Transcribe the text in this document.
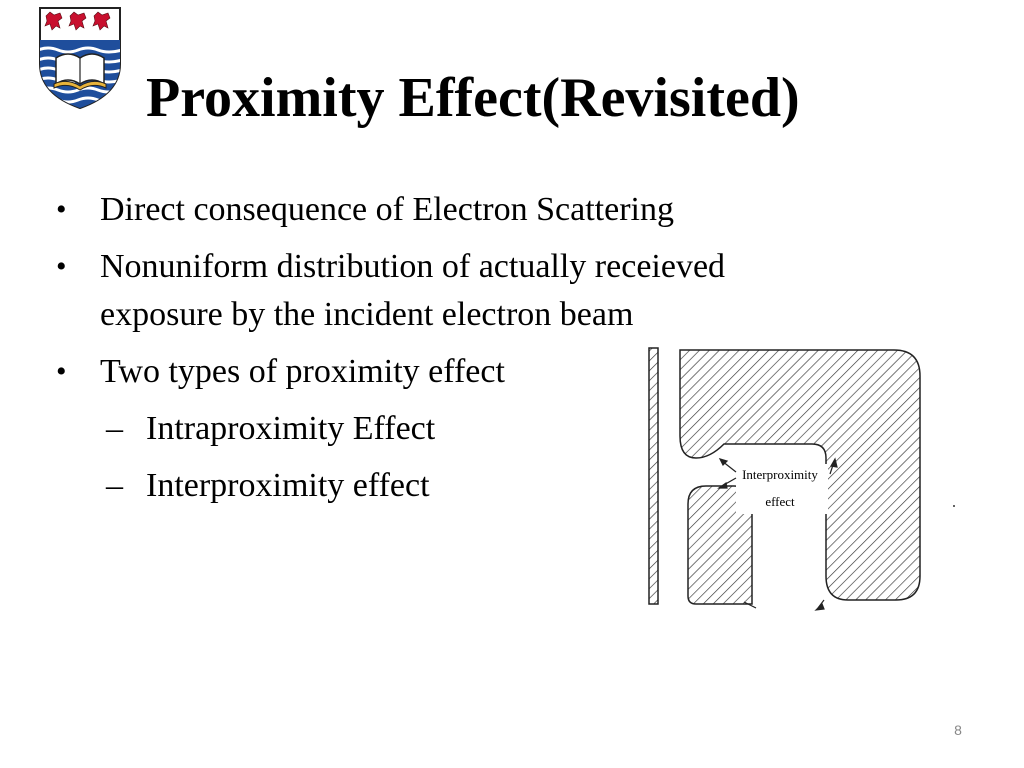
Proximity Effect(Revisited)
• Direct consequence of Electron Scattering
• Nonuniform distribution of actually receieved exposure by the incident electron beam
• Two types of proximity effect
– Intraproximity Effect
– Interproximity effect	Interproximity
effect
8
